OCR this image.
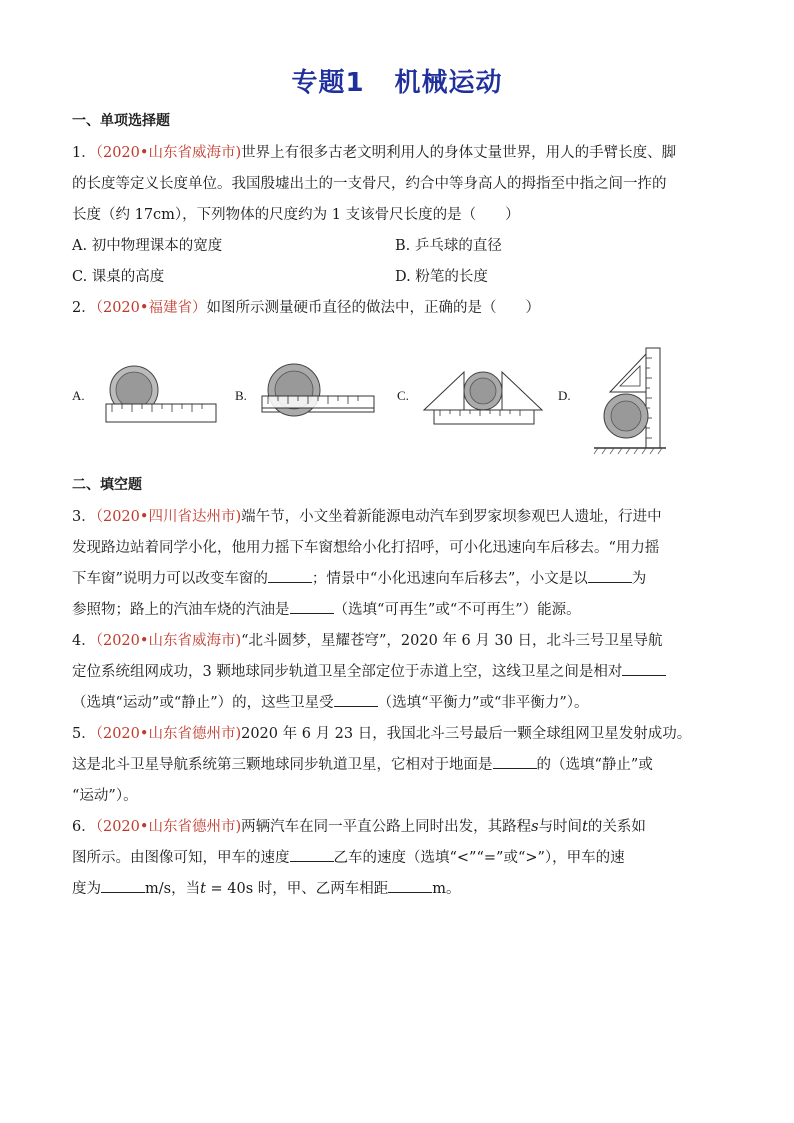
专题1 机械运动
一、单项选择题
1．（2020•山东省威海市)世界上有很多古老文明利用人的身体丈量世界，用人的手臂长度、脚
的长度等定义长度单位。我国殷墟出土的一支骨尺，约合中等身高人的拇指至中指之间一拃的
长度（约 17cm），下列物体的尺度约为 1 支该骨尺长度的是（　　）
A. 初中物理课本的宽度	B. 乒乓球的直径
C. 课桌的高度	D. 粉笔的长度
2．（2020•福建省）如图所示测量硬币直径的做法中，正确的是（　　）
A.	B.	C.	D.
二、填空题
3．（2020•四川省达州市)端午节，小文坐着新能源电动汽车到罗家坝参观巴人遗址，行进中
发现路边站着同学小化，他用力摇下车窗想给小化打招呼，可小化迅速向车后移去。“用力摇
下车窗”说明力可以改变车窗的	；情景中“小化迅速向车后移去”，小文是以	为
参照物；路上的汽油车烧的汽油是	（选填“可再生”或“不可再生”）能源。
4．（2020•山东省威海市)“北斗圆梦，星耀苍穹”，2020 年 6 月 30 日，北斗三号卫星导航
定位系统组网成功，3 颗地球同步轨道卫星全部定位于赤道上空，这线卫星之间是相对
（选填“运动”或“静止”）的，这些卫星受	（选填“平衡力”或“非平衡力”）。
5．（2020•山东省德州市)2020 年 6 月 23 日，我国北斗三号最后一颗全球组网卫星发射成功。
这是北斗卫星导航系统第三颗地球同步轨道卫星，它相对于地面是	的（选填“静止”或
“运动”）。
6．（2020•山东省德州市)两辆汽车在同一平直公路上同时出发，其路程s与时间t的关系如
图所示。由图像可知，甲车的速度	乙车的速度（选填“<”“=”或“>”），甲车的速
度为	m/s，当t = 40s 时，甲、乙两车相距	m。
